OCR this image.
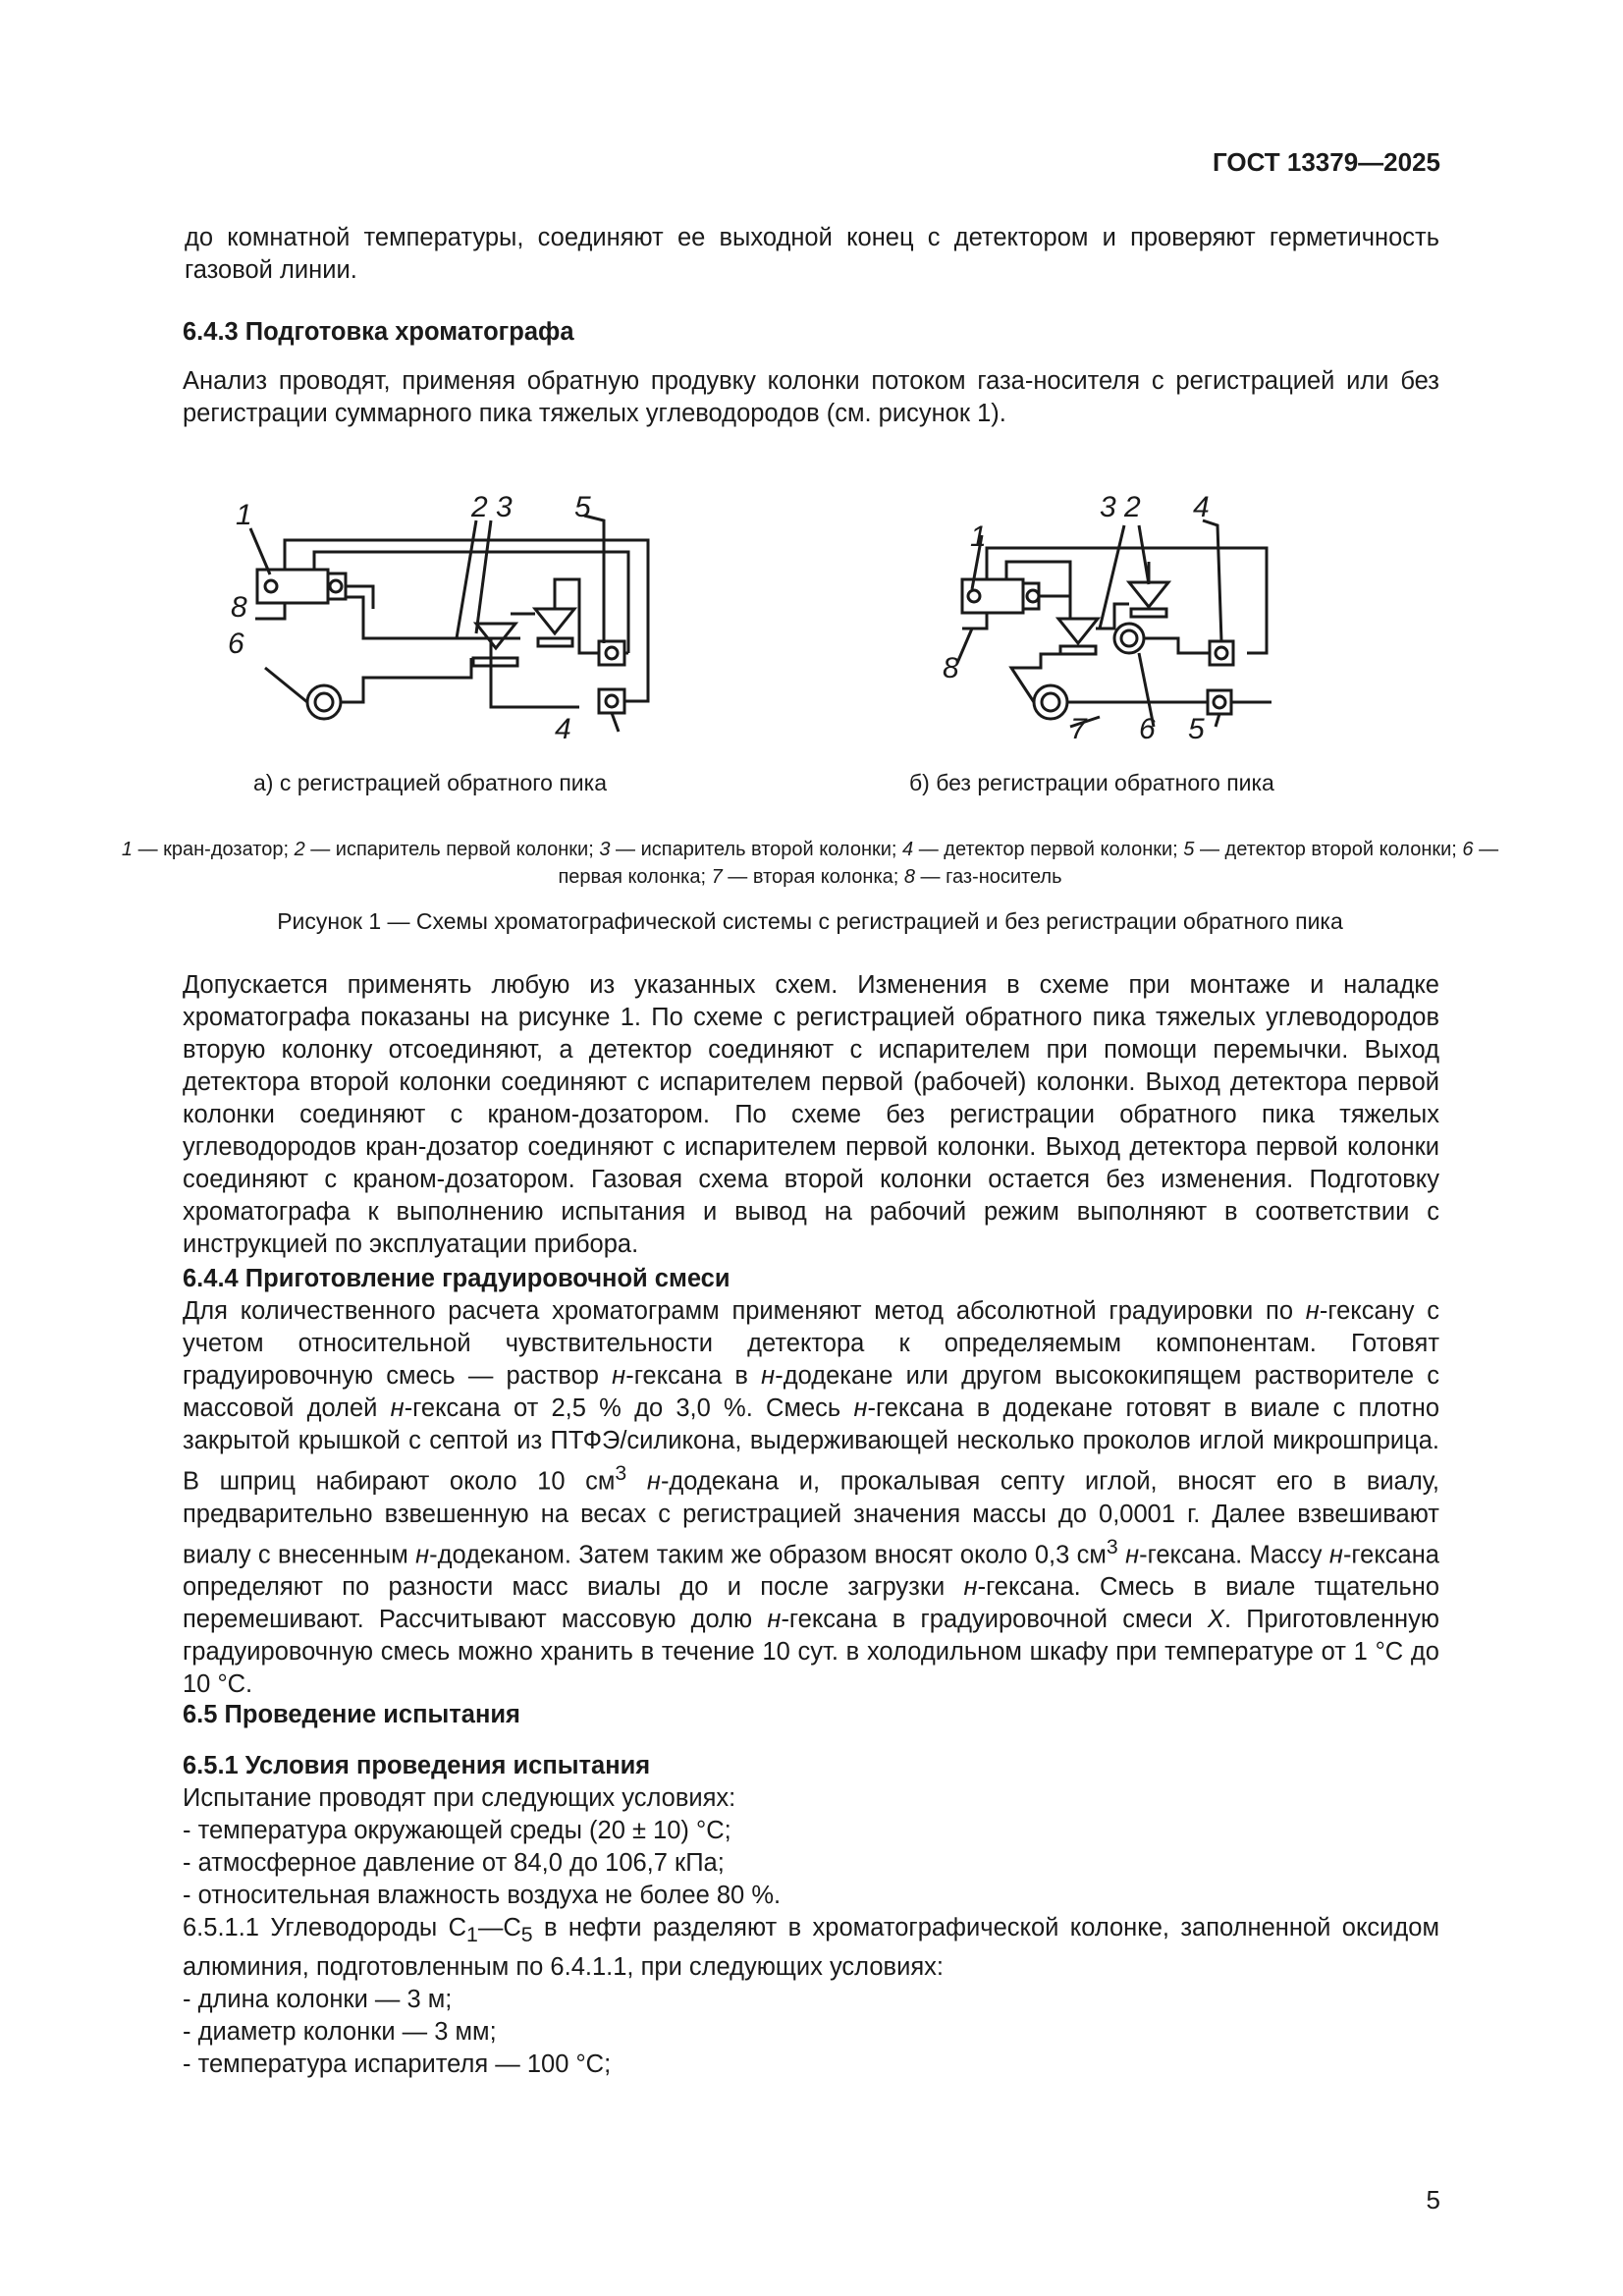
ГОСТ 13379—2025

до комнатной температуры, соединяют ее выходной конец с детектором и проверяют герметичность газовой линии.

6.4.3 Подготовка хроматографа

Анализ проводят, применяя обратную продувку колонки потоком газа-носителя с регистрацией или без регистрации суммарного пика тяжелых углеводородов (см. рисунок 1).

1	2 3 5
8
6
4
а) с регистрацией обратного пика
1
3 2 4
8
7 6 5
б) без регистрации обратного пика
1 — кран-дозатор; 2 — испаритель первой колонки; 3 — испаритель второй колонки; 4 — детектор первой колонки; 5 — детектор второй колонки; 6 — первая колонка; 7 — вторая колонка; 8 — газ-носитель
Рисунок 1 — Схемы хроматографической системы с регистрацией и без регистрации обратного пика

Допускается применять любую из указанных схем. Изменения в схеме при монтаже и наладке хроматографа показаны на рисунке 1. По схеме с регистрацией обратного пика тяжелых углеводородов вторую колонку отсоединяют, а детектор соединяют с испарителем при помощи перемычки. Выход детектора второй колонки соединяют с испарителем первой (рабочей) колонки. Выход детектора первой колонки соединяют с краном-дозатором. По схеме без регистрации обратного пика тяжелых углеводородов кран-дозатор соединяют с испарителем первой колонки. Выход детектора первой колонки соединяют с краном-дозатором. Газовая схема второй колонки остается без изменения. Подготовку хроматографа к выполнению испытания и вывод на рабочий режим выполняют в соответствии с инструкцией по эксплуатации прибора.

6.4.4 Приготовление градуировочной смеси

Для количественного расчета хроматограмм применяют метод абсолютной градуировки по н-гексану с учетом относительной чувствительности детектора к определяемым компонентам. Готовят градуировочную смесь — раствор н-гексана в н-додекане или другом высококипящем растворителе с массовой долей н-гексана от 2,5 % до 3,0 %. Смесь н-гексана в додекане готовят в виале с плотно закрытой крышкой с септой из ПТФЭ/силикона, выдерживающей несколько проколов иглой микрошприца. В шприц набирают около 10 $см^3$ н-додекана и, прокалывая септу иглой, вносят его в виалу, предварительно взвешенную на весах с регистрацией значения массы до 0,0001 г. Далее взвешивают виалу с внесенным н-додеканом. Затем таким же образом вносят около 0,3 $см^3$ н-гексана. Массу н-гексана определяют по разности масс виалы до и после загрузки н-гексана. Смесь в виале тщательно перемешивают. Рассчитывают массовую долю н-гексана в градуировочной смеси X. Приготовленную градуировочную смесь можно хранить в течение 10 сут. в холодильном шкафу при температуре от 1 °C до 10 °C.

6.5 Проведение испытания

6.5.1 Условия проведения испытания

Испытание проводят при следующих условиях:

- температура окружающей среды (20 ± 10) °C;

- атмосферное давление от 84,0 до 106,7 кПа;

- относительная влажность воздуха не более 80 %.

6.5.1.1 Углеводороды $С_1—С_5$ в нефти разделяют в хроматографической колонке, заполненной оксидом алюминия, подготовленным по 6.4.1.1, при следующих условиях:

- длина колонки — 3 м;

- диаметр колонки — 3 мм;

- температура испарителя — 100 °С;

5
